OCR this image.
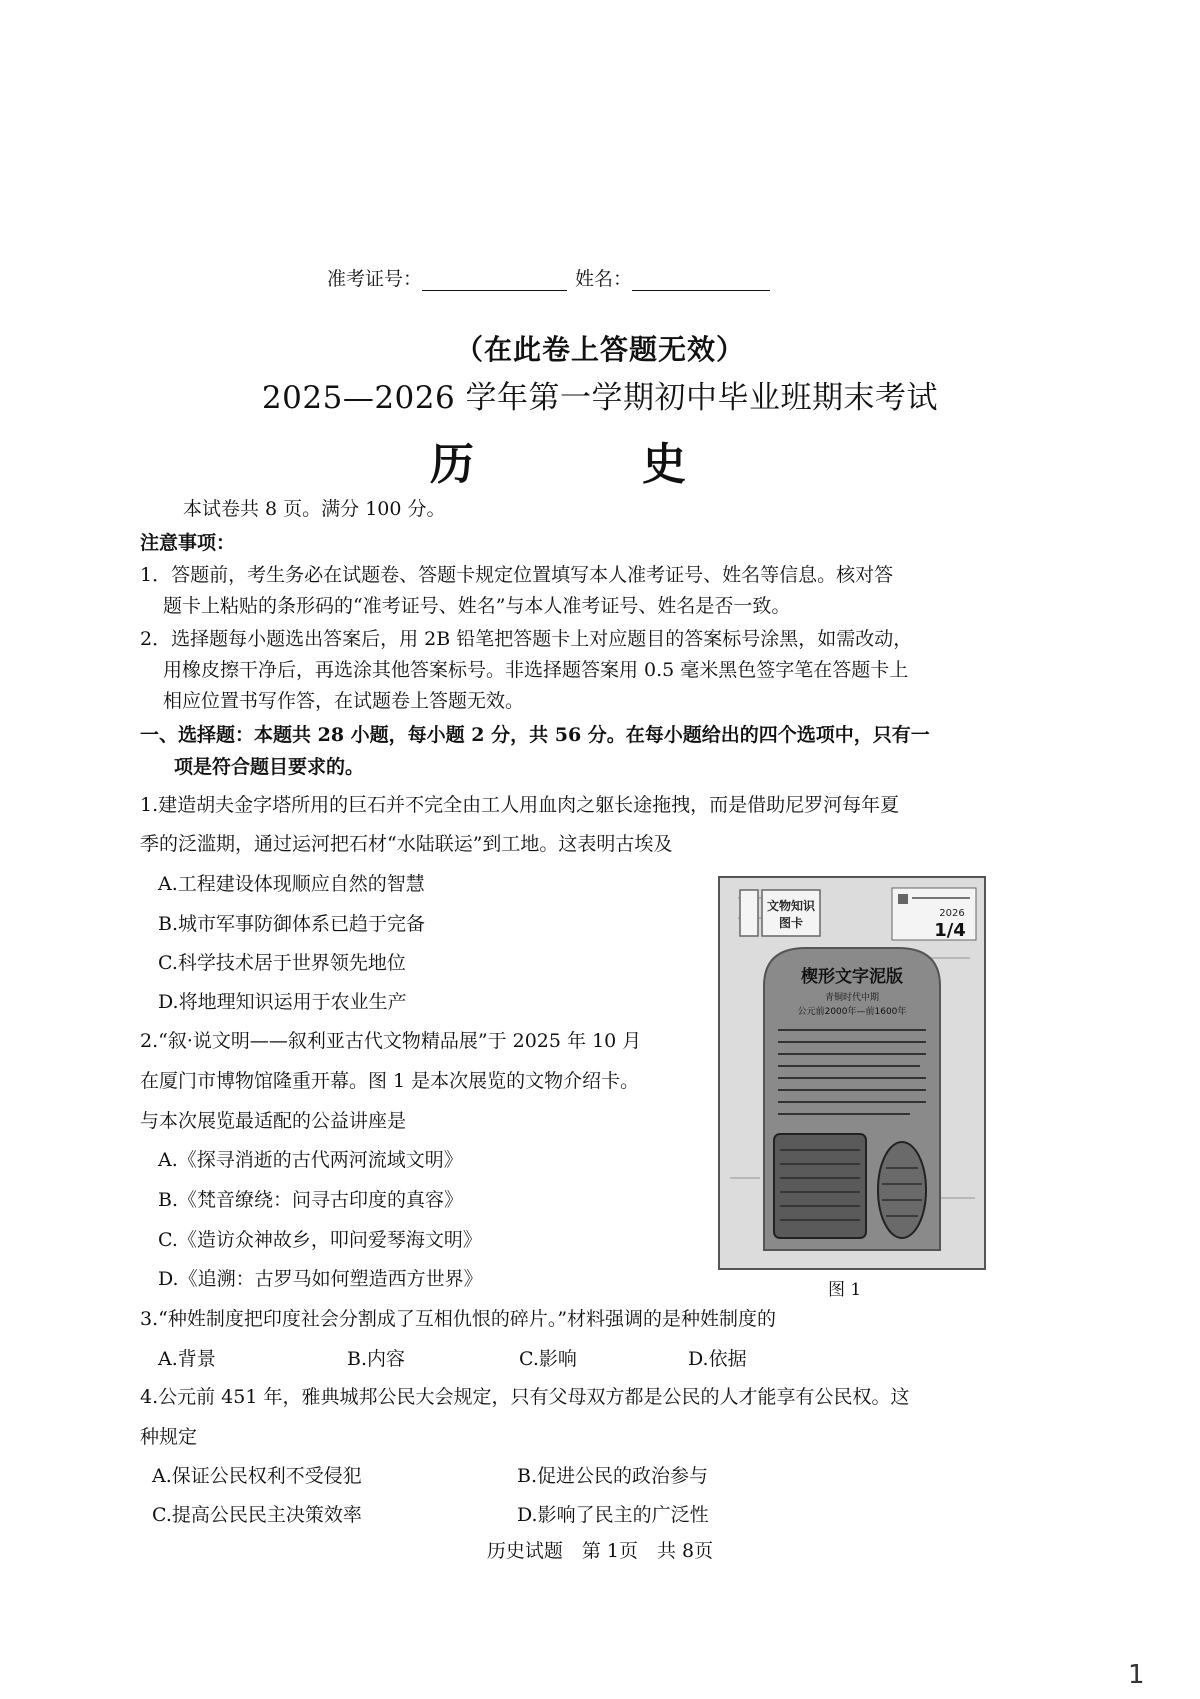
准考证号：	姓名：
（在此卷上答题无效）
2025—2026 学年第一学期初中毕业班期末考试
历	史
本试卷共 8 页。满分 100 分。
注意事项：
1．答题前，考生务必在试题卷、答题卡规定位置填写本人准考证号、姓名等信息。核对答
题卡上粘贴的条形码的“准考证号、姓名”与本人准考证号、姓名是否一致。
2．选择题每小题选出答案后，用 2B 铅笔把答题卡上对应题目的答案标号涂黑，如需改动，
用橡皮擦干净后，再选涂其他答案标号。非选择题答案用 0.5 毫米黑色签字笔在答题卡上
相应位置书写作答，在试题卷上答题无效。
一、选择题：本题共 28 小题，每小题 2 分，共 56 分。在每小题给出的四个选项中，只有一
项是符合题目要求的。
1.建造胡夫金字塔所用的巨石并不完全由工人用血肉之躯长途拖拽，而是借助尼罗河每年夏
季的泛滥期，通过运河把石材“水陆联运”到工地。这表明古埃及
A.工程建设体现顺应自然的智慧
B.城市军事防御体系已趋于完备
C.科学技术居于世界领先地位
D.将地理知识运用于农业生产
2.“叙·说文明——叙利亚古代文物精品展”于 2025 年 10 月
在厦门市博物馆隆重开幕。图 1 是本次展览的文物介绍卡。
与本次展览最适配的公益讲座是
A.《探寻消逝的古代两河流域文明》
B.《梵音缭绕：问寻古印度的真容》
C.《造访众神故乡，叩问爱琴海文明》
D.《追溯：古罗马如何塑造西方世界》
文物知识
图卡
2026
1/4
楔形文字泥版
青铜时代中期
公元前2000年—前1600年
图 1
3.“种姓制度把印度社会分割成了互相仇恨的碎片。”材料强调的是种姓制度的
A.背景	B.内容	C.影响	D.依据
4.公元前 451 年，雅典城邦公民大会规定，只有父母双方都是公民的人才能享有公民权。这
种规定
A.保证公民权利不受侵犯	B.促进公民的政治参与
C.提高公民民主决策效率	D.影响了民主的广泛性
历史试题　第 1页　共 8页
1
